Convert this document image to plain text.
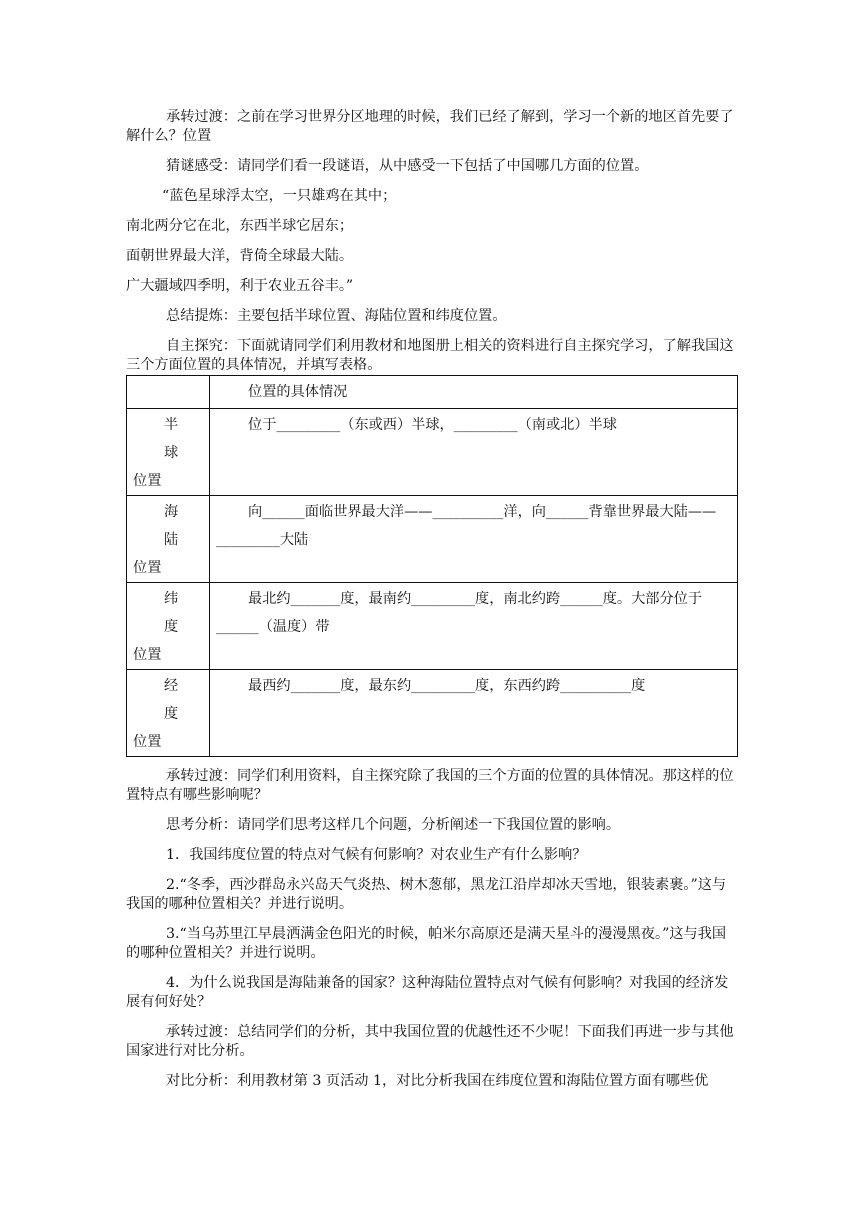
承转过渡：之前在学习世界分区地理的时候，我们已经了解到，学习一个新的地区首先要了解什么？位置

猜谜感受：请同学们看一段谜语，从中感受一下包括了中国哪几方面的位置。

“蓝色星球浮太空，一只雄鸡在其中；

南北两分它在北，东西半球它居东；

面朝世界最大洋，背倚全球最大陆。

广大疆域四季明，利于农业五谷丰。”

总结提炼：主要包括半球位置、海陆位置和纬度位置。

自主探究：下面就请同学们利用教材和地图册上相关的资料进行自主探究学习，了解我国这三个方面位置的具体情况，并填写表格。

	位置的具体情况

半球
位置	位于_________（东或西）半球，_________（南或北）半球

海陆
位置	向______面临世界最大洋——__________洋，向______背靠世界最大陆——_________大陆

纬度
位置	最北约_______度，最南约_________度，南北约跨______度。大部分位于______（温度）带

经度
位置	最西约_______度，最东约_________度，东西约跨__________度

承转过渡：同学们利用资料，自主探究除了我国的三个方面的位置的具体情况。那这样的位置特点有哪些影响呢？

思考分析：请同学们思考这样几个问题，分析阐述一下我国位置的影响。

1．我国纬度位置的特点对气候有何影响？对农业生产有什么影响？

2.“冬季，西沙群岛永兴岛天气炎热、树木葱郁，黑龙江沿岸却冰天雪地，银装素裹。”这与我国的哪种位置相关？并进行说明。

3.“当乌苏里江早晨洒满金色阳光的时候，帕米尔高原还是满天星斗的漫漫黑夜。”这与我国的哪种位置相关？并进行说明。

4．为什么说我国是海陆兼备的国家？这种海陆位置特点对气候有何影响？对我国的经济发展有何好处？

承转过渡：总结同学们的分析，其中我国位置的优越性还不少呢！下面我们再进一步与其他国家进行对比分析。

对比分析：利用教材第 3 页活动 1，对比分析我国在纬度位置和海陆位置方面有哪些优
